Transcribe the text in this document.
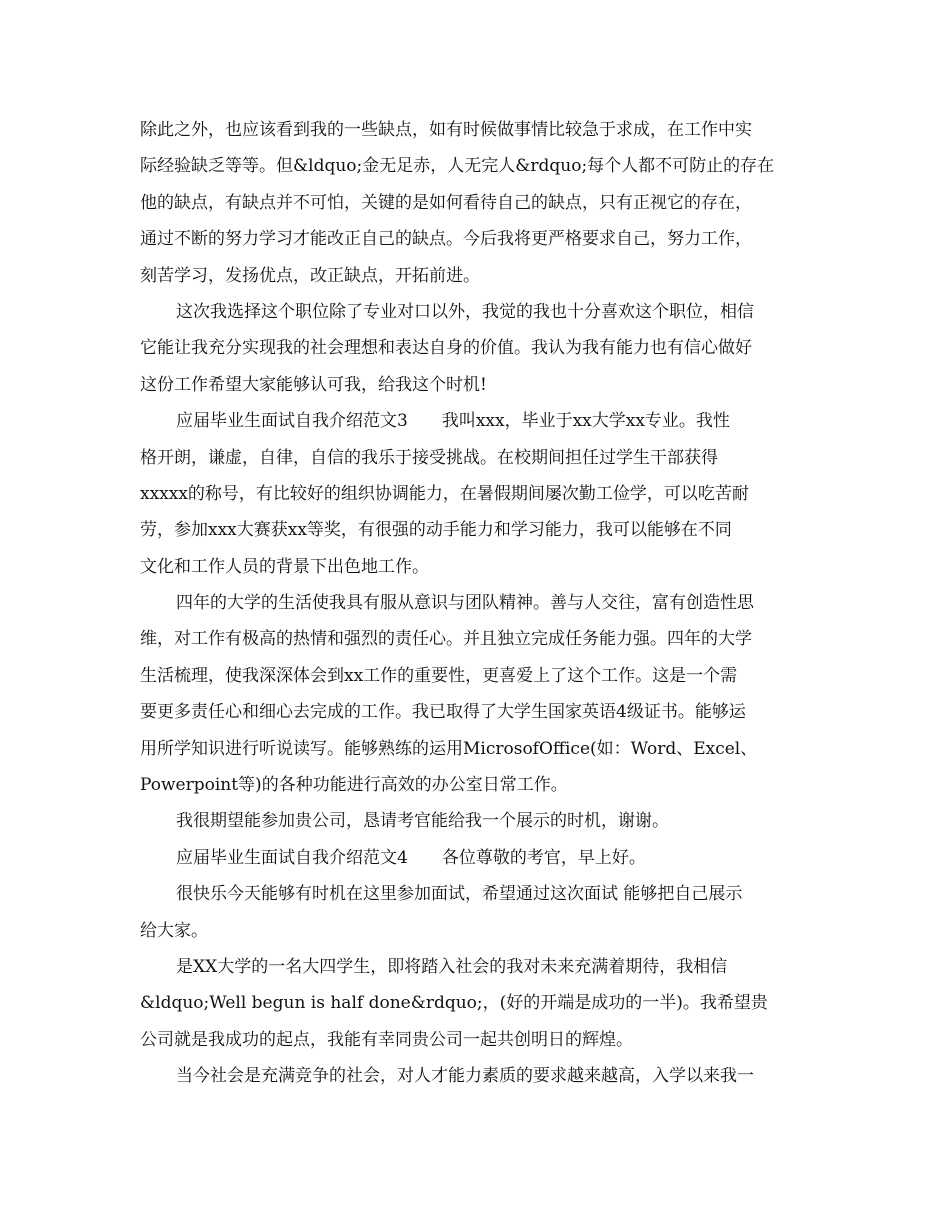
除此之外，也应该看到我的一些缺点，如有时候做事情比较急于求成，在工作中实
际经验缺乏等等。但&ldquo;金无足赤，人无完人&rdquo;每个人都不可防止的存在
他的缺点，有缺点并不可怕，关键的是如何看待自己的缺点，只有正视它的存在，
通过不断的努力学习才能改正自己的缺点。今后我将更严格要求自己，努力工作，
刻苦学习，发扬优点，改正缺点，开拓前进。
这次我选择这个职位除了专业对口以外，我觉的我也十分喜欢这个职位，相信
它能让我充分实现我的社会理想和表达自身的价值。我认为我有能力也有信心做好
这份工作希望大家能够认可我，给我这个时机!
应届毕业生面试自我介绍范文3　　我叫xxx，毕业于xx大学xx专业。我性
格开朗，谦虚，自律，自信的我乐于接受挑战。在校期间担任过学生干部获得
xxxxx的称号，有比较好的组织协调能力，在暑假期间屡次勤工俭学，可以吃苦耐
劳，参加xxx大赛获xx等奖，有很强的动手能力和学习能力，我可以能够在不同
文化和工作人员的背景下出色地工作。
四年的大学的生活使我具有服从意识与团队精神。善与人交往，富有创造性思
维，对工作有极高的热情和强烈的责任心。并且独立完成任务能力强。四年的大学
生活梳理，使我深深体会到xx工作的重要性，更喜爱上了这个工作。这是一个需
要更多责任心和细心去完成的工作。我已取得了大学生国家英语4级证书。能够运
用所学知识进行听说读写。能够熟练的运用MicrosofOffice(如：Word、Excel、
Powerpoint等)的各种功能进行高效的办公室日常工作。
我很期望能参加贵公司，恳请考官能给我一个展示的时机，谢谢。
应届毕业生面试自我介绍范文4　　各位尊敬的考官，早上好。
很快乐今天能够有时机在这里参加面试，希望通过这次面试 能够把自己展示
给大家。
是XX大学的一名大四学生，即将踏入社会的我对未来充满着期待，我相信
&ldquo;Well begun is half done&rdquo;，(好的开端是成功的一半)。我希望贵
公司就是我成功的起点，我能有幸同贵公司一起共创明日的辉煌。
当今社会是充满竞争的社会，对人才能力素质的要求越来越高，入学以来我一
